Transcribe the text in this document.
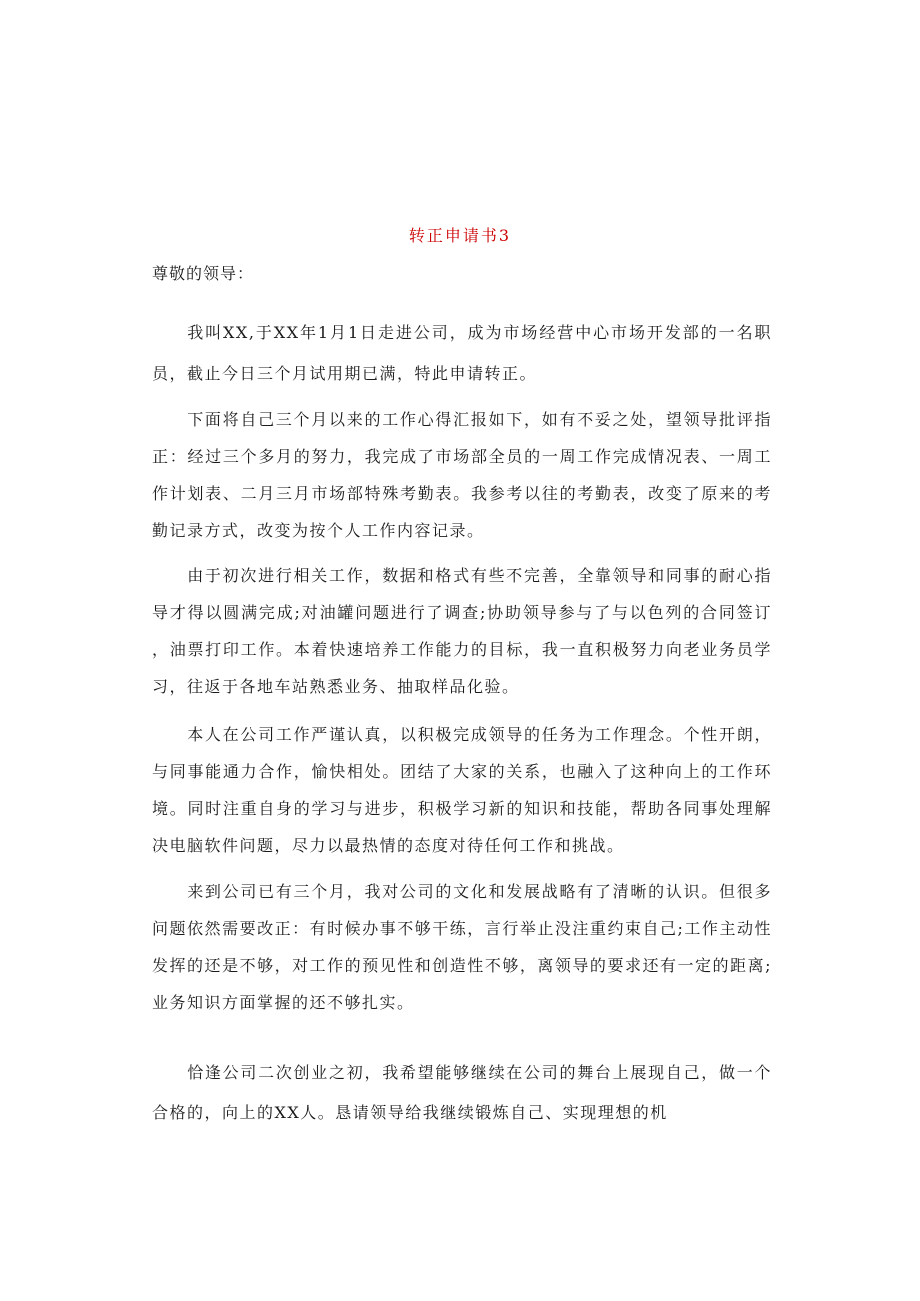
转正申请书3
尊敬的领导：

我叫XX,于XX年1月1日走进公司，成为市场经营中心市场开发部的一名职员，截止今日三个月试用期已满，特此申请转正。

下面将自己三个月以来的工作心得汇报如下，如有不妥之处，望领导批评指正：经过三个多月的努力，我完成了市场部全员的一周工作完成情况表、一周工作计划表、二月三月市场部特殊考勤表。我参考以往的考勤表，改变了原来的考勤记录方式，改变为按个人工作内容记录。

由于初次进行相关工作，数据和格式有些不完善，全靠领导和同事的耐心指导才得以圆满完成;对油罐问题进行了调查;协助领导参与了与以色列的合同签订，油票打印工作。本着快速培养工作能力的目标，我一直积极努力向老业务员学习，往返于各地车站熟悉业务、抽取样品化验。

本人在公司工作严谨认真，以积极完成领导的任务为工作理念。个性开朗，与同事能通力合作，愉快相处。团结了大家的关系，也融入了这种向上的工作环境。同时注重自身的学习与进步，积极学习新的知识和技能，帮助各同事处理解决电脑软件问题，尽力以最热情的态度对待任何工作和挑战。

来到公司已有三个月，我对公司的文化和发展战略有了清晰的认识。但很多问题依然需要改正：有时候办事不够干练，言行举止没注重约束自己;工作主动性发挥的还是不够，对工作的预见性和创造性不够，离领导的要求还有一定的距离;业务知识方面掌握的还不够扎实。

恰逢公司二次创业之初，我希望能够继续在公司的舞台上展现自己，做一个合格的，向上的XX人。恳请领导给我继续锻炼自己、实现理想的机
